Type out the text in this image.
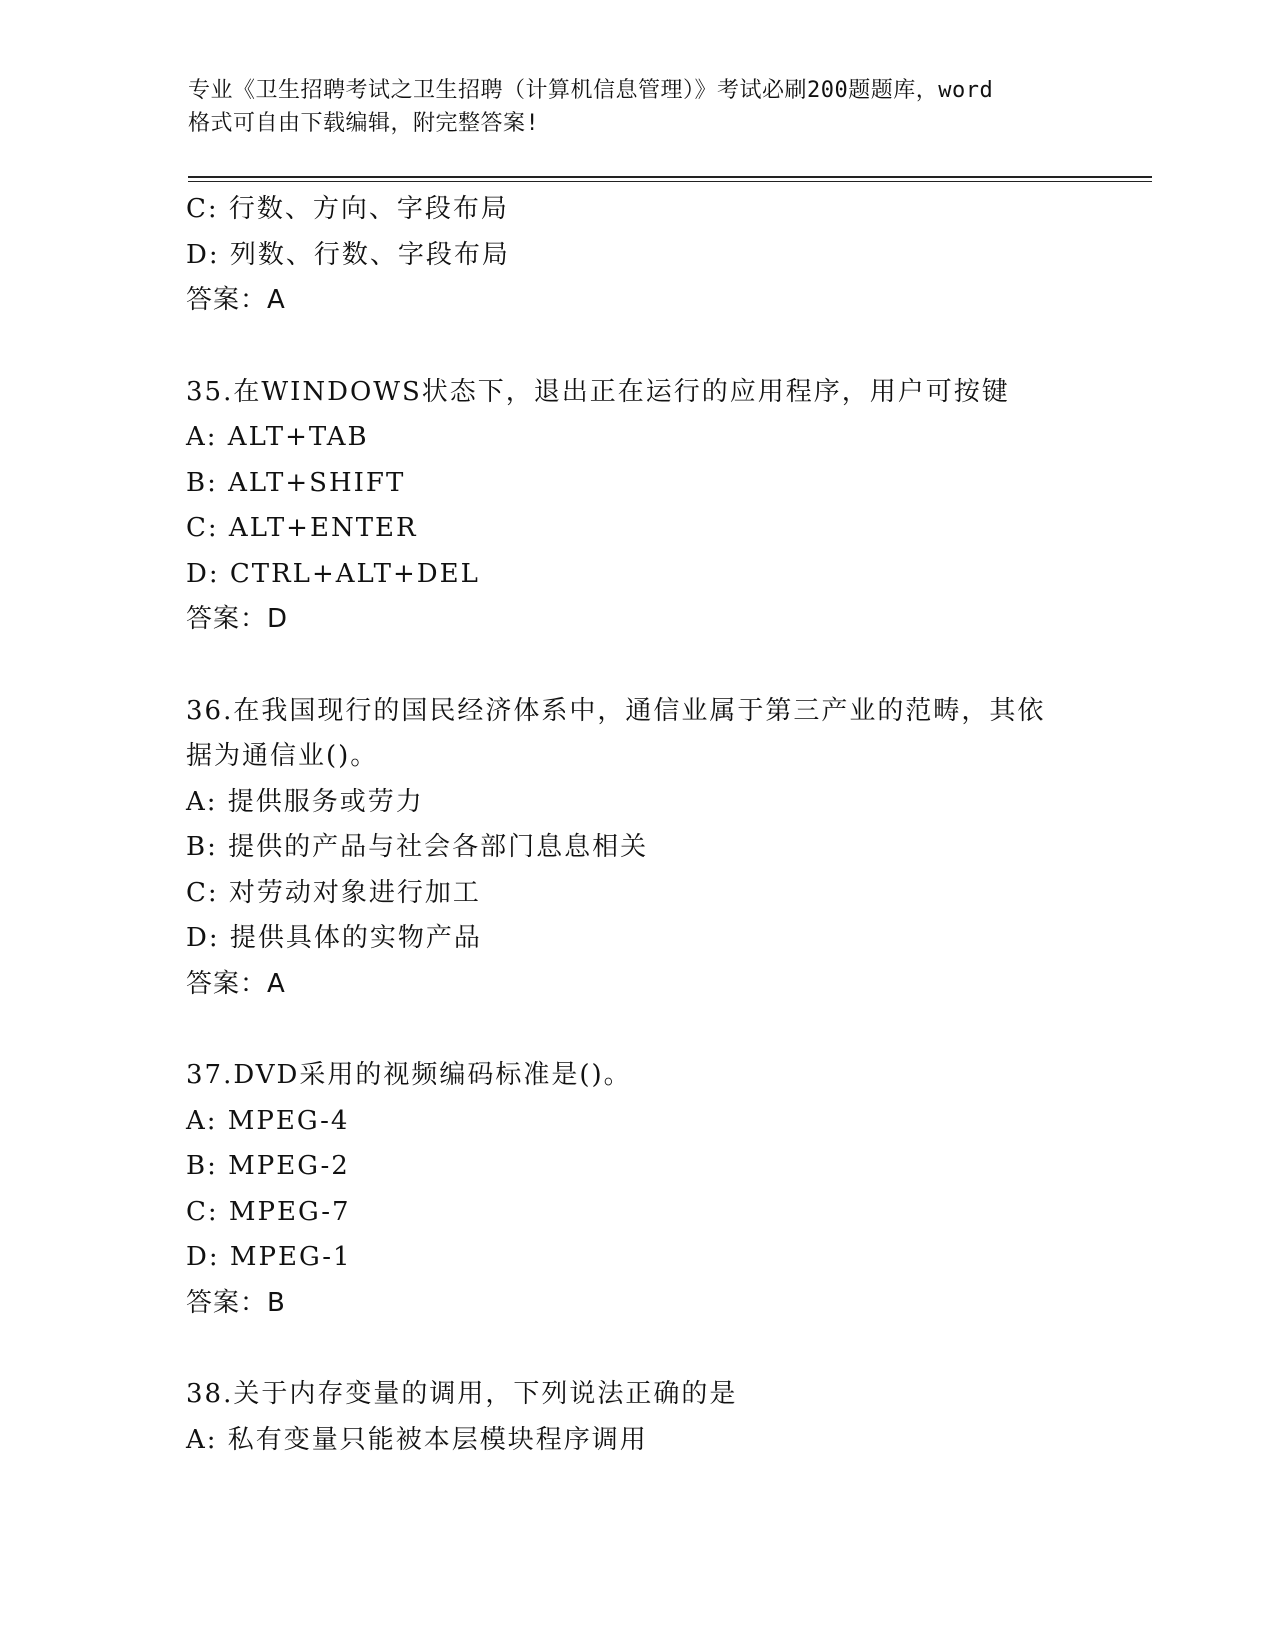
专业《卫生招聘考试之卫生招聘（计算机信息管理）》考试必刷200题题库，word
格式可自由下载编辑，附完整答案!
C: 行数、方向、字段布局
D: 列数、行数、字段布局
答案：A
35.在WINDOWS状态下，退出正在运行的应用程序，用户可按键
A: ALT+TAB
B: ALT+SHIFT
C: ALT+ENTER
D: CTRL+ALT+DEL
答案：D
36.在我国现行的国民经济体系中，通信业属于第三产业的范畴，其依
据为通信业()。
A: 提供服务或劳力
B: 提供的产品与社会各部门息息相关
C: 对劳动对象进行加工
D: 提供具体的实物产品
答案：A
37.DVD采用的视频编码标准是()。
A: MPEG-4
B: MPEG-2
C: MPEG-7
D: MPEG-1
答案：B
38.关于内存变量的调用，下列说法正确的是
A: 私有变量只能被本层模块程序调用
